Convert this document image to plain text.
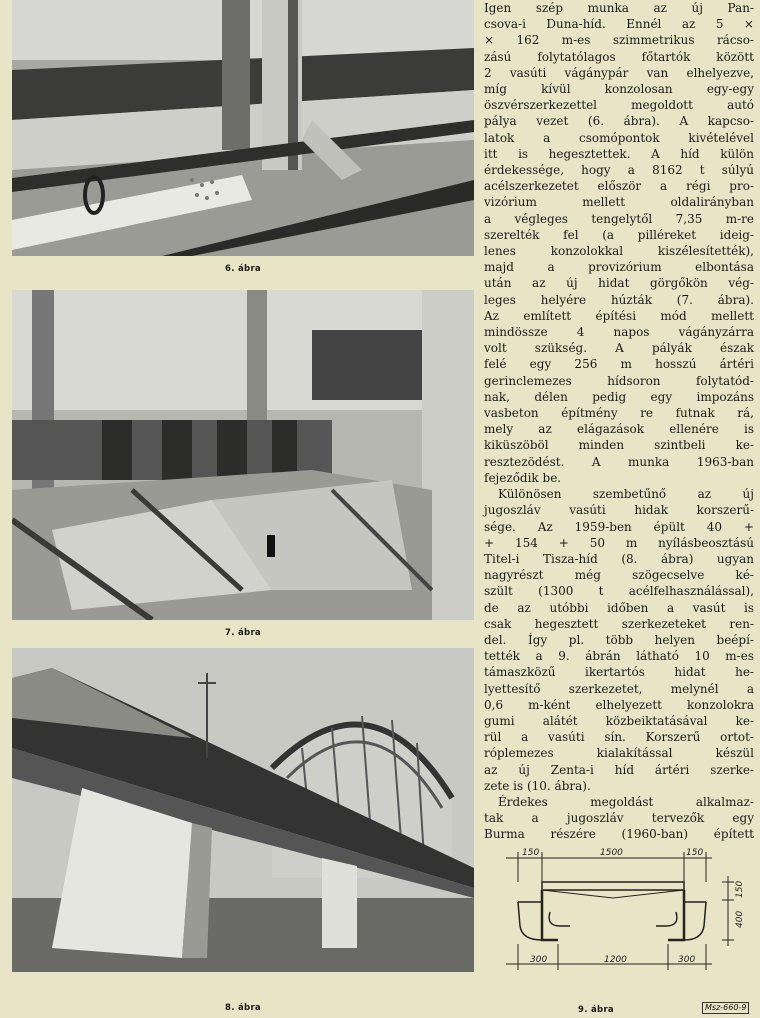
6. ábra
7. ábra
8. ábra
Igen szép munka az új Pan-
csova-i Duna-híd. Ennél az 5 ×
× 162 m-es szimmetrikus rácso-
zású folytatólagos főtartók között
2 vasúti vágánypár van elhelyezve,
míg kívül konzolosan egy-egy
öszvérszerkezettel megoldott autó
pálya vezet (6. ábra). A kapcso-
latok a csomópontok kivételével
itt is hegesztettek. A híd külön
érdekessége, hogy a 8162 t súlyú
acélszerkezetet először a régi pro-
vizórium mellett oldalirányban
a végleges tengelytől 7,35 m-re
szerelték fel (a pilléreket ideig-
lenes konzolokkal kiszélesítették),
majd a provizórium elbontása
után az új hidat görgőkön vég-
leges helyére húzták (7. ábra).
Az említett építési mód mellett
mindössze 4 napos vágányzárra
volt szükség. A pályák észak
felé egy 256 m hosszú ártéri
gerinclemezes hídsoron folytatód-
nak, délen pedig egy impozáns
vasbeton építmény re futnak rá,
mely az elágazások ellenére is
kiküszöböl minden szintbeli ke-
resztezödést. A munka 1963-ban
fejeződik be.
Különösen szembetűnő az új
jugoszláv vasúti hidak korszerű-
sége. Az 1959-ben épült 40 +
+ 154 + 50 m nyílásbeosztású
Titel-i Tisza-híd (8. ábra) ugyan
nagyrészt még szögecselve ké-
szült (1300 t acélfelhasználással),
de az utóbbi időben a vasút is
csak hegesztett szerkezeteket ren-
del. Így pl. több helyen beépí-
tették a 9. ábrán látható 10 m-es
támaszközű ikertartós hidat he-
lyettesítő szerkezetet, melynél a
0,6 m-ként elhelyezett konzolokra
gumi alátét közbeiktatásával ke-
rül a vasúti sín. Korszerű ortot-
róplemezes kialakítással készül
az új Zenta-i híd ártéri szerke-
zete is (10. ábra).
Érdekes megoldást alkalmaz-
tak a jugoszláv tervezők egy
Burma részére (1960-ban) épített
150	1500	150
300	1200	300
150
400
Msz-660-9
9. ábra
